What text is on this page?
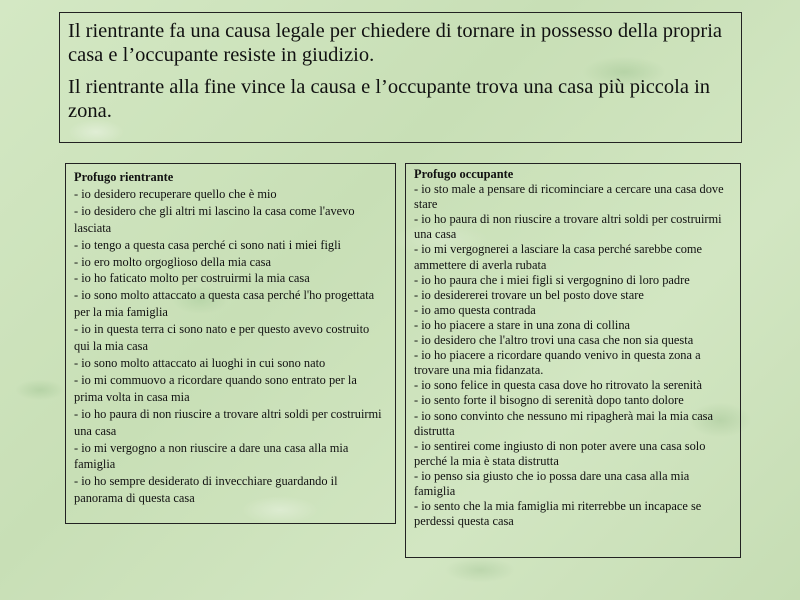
Il rientrante fa una causa legale per chiedere di tornare in possesso della propria casa e l’occupante resiste in giudizio.

Il rientrante alla fine vince la causa e l’occupante trova una casa più piccola in zona.

Profugo rientrante
- io desidero recuperare quello che è mio
- io desidero che gli altri mi lascino la casa come l'avevo lasciata
- io tengo a questa casa perché ci sono nati i miei figli
- io ero molto orgoglioso della mia casa
- io ho faticato molto per costruirmi la mia casa
- io sono molto attaccato a questa casa perché l'ho progettata per la mia famiglia
- io in questa terra ci sono nato e per questo avevo costruito qui la mia casa
- io sono molto attaccato ai luoghi in cui sono nato
- io mi commuovo a ricordare quando sono entrato per la prima volta in casa mia
- io ho paura di non riuscire a trovare altri soldi per costruirmi una casa
- io mi vergogno a non riuscire a dare una casa alla mia famiglia
- io ho sempre desiderato di invecchiare guardando il panorama di questa casa
Profugo occupante
- io sto male a pensare di ricominciare a cercare una casa dove stare
- io ho paura di non riuscire a trovare altri soldi per costruirmi una casa
- io mi vergognerei a lasciare la casa perché sarebbe come ammettere di averla rubata
- io ho paura che i miei figli si vergognino di loro padre
- io desidererei trovare un bel posto dove stare
- io amo questa contrada
- io ho piacere a stare in una zona di collina
- io desidero che l'altro trovi una casa che non sia questa
- io ho piacere a ricordare quando venivo in questa zona a trovare una mia fidanzata.
- io sono felice in questa casa dove ho ritrovato la serenità
- io sento forte il bisogno di serenità dopo tanto dolore
- io sono convinto che nessuno mi ripagherà mai la mia casa distrutta
- io sentirei come ingiusto di non poter avere una casa solo perché la mia è stata distrutta
- io penso sia giusto che io possa dare una casa alla mia famiglia
- io sento che la mia famiglia mi riterrebbe un incapace se perdessi questa casa
